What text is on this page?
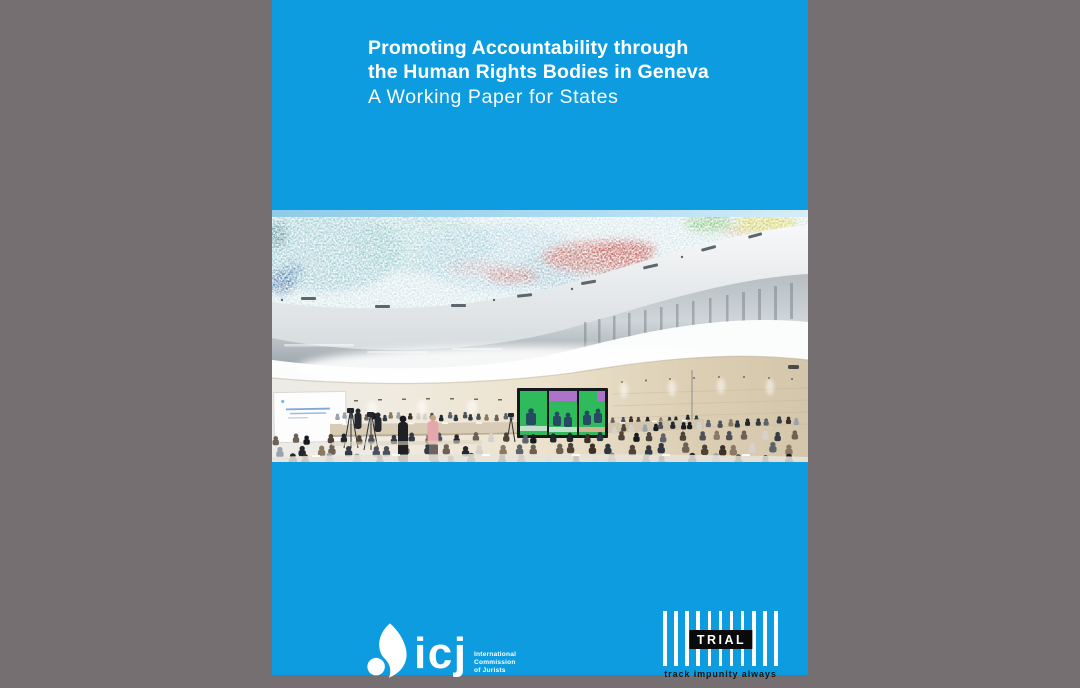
Promoting Accountability through
the Human Rights Bodies in Geneva
A Working Paper for States
icj International
Commission
of Jurists
TRIAL
track impunity always
